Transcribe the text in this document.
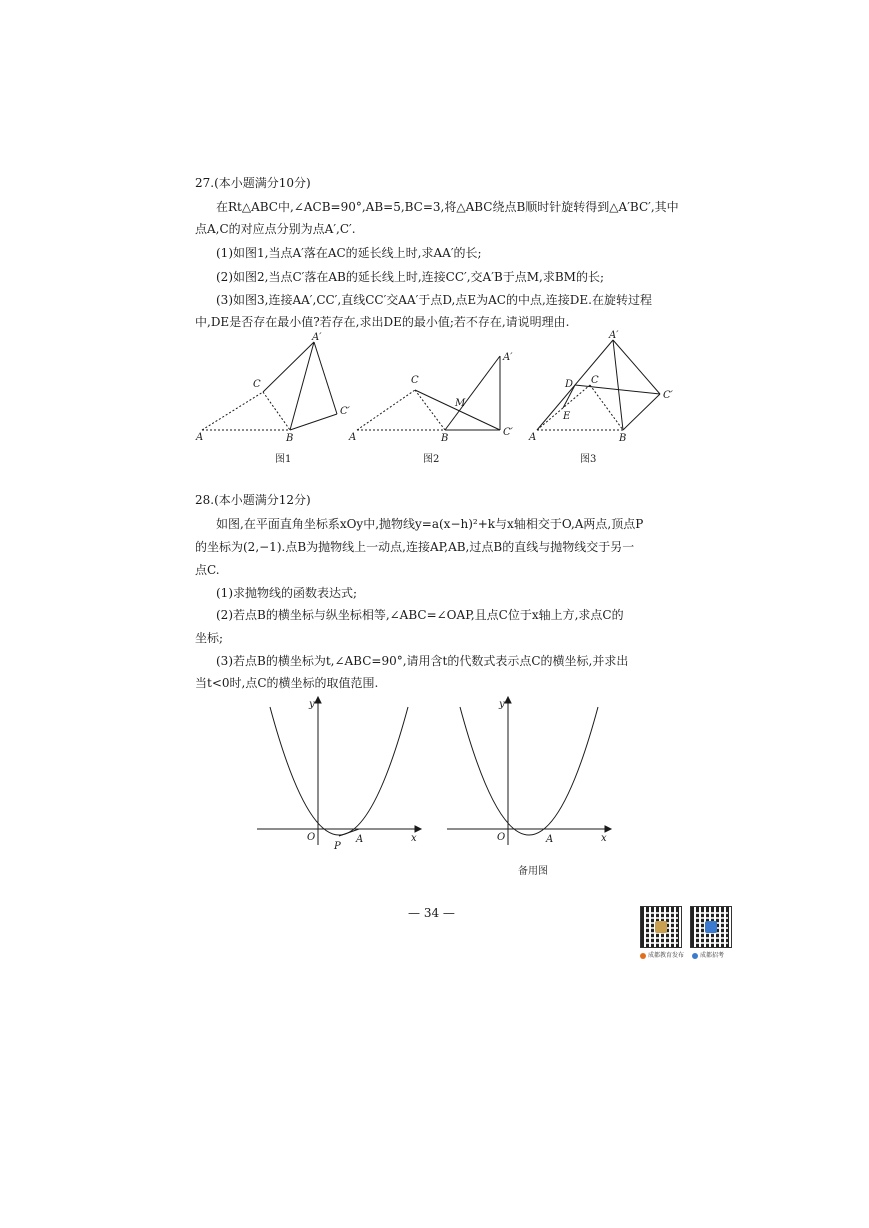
27.(本小题满分10分)
在Rt△ABC中,∠ACB=90°,AB=5,BC=3,将△ABC绕点B顺时针旋转得到△A′BC′,其中
点A,C的对应点分别为点A′,C′.
(1)如图1,当点A′落在AC的延长线上时,求AA′的长;
(2)如图2,当点C′落在AB的延长线上时,连接CC′,交A′B于点M,求BM的长;
(3)如图3,连接AA′,CC′,直线CC′交AA′于点D,点E为AC的中点,连接DE.在旋转过程
中,DE是否存在最小值?若存在,求出DE的最小值;若不存在,请说明理由.
A	B
C
A′
C′
图1
A	B
C
M
A′
C′
图2
A	B
C
D
E
A′
C′
图3
28.(本小题满分12分)
如图,在平面直角坐标系xOy中,抛物线y=a(x−h)²+k与x轴相交于O,A两点,顶点P
的坐标为(2,−1).点B为抛物线上一动点,连接AP,AB,过点B的直线与抛物线交于另一
点C.
(1)求抛物线的函数表达式;
(2)若点B的横坐标与纵坐标相等,∠ABC=∠OAP,且点C位于x轴上方,求点C的
坐标;
(3)若点B的横坐标为t,∠ABC=90°,请用含t的代数式表示点C的横坐标,并求出
当t<0时,点C的横坐标的取值范围.
y
x
O	A
P
y
x
O	A
备用图
— 34 —
成都教育发布	成都招考
